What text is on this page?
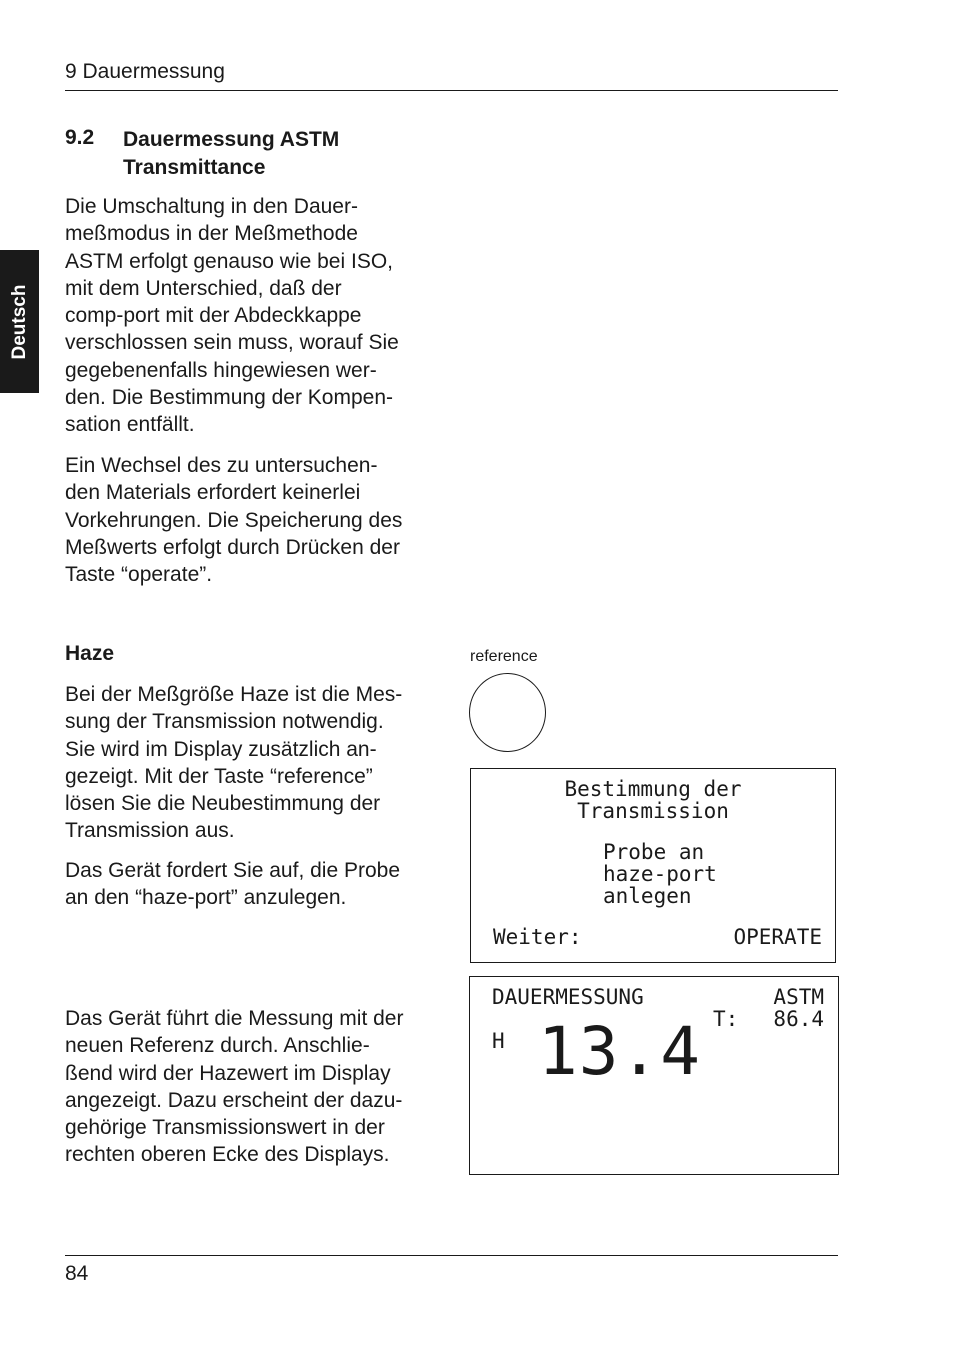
9 Dauermessung
Deutsch
9.2 Dauermessung ASTM
Transmittance
Die Umschaltung in den Dauer-
meßmodus in der Meßmethode
ASTM erfolgt genauso wie bei ISO,
mit dem Unterschied, daß der
comp-port mit der Abdeckkappe
verschlossen sein muss, worauf Sie
gegebenenfalls hingewiesen wer-
den. Die Bestimmung der Kompen-
sation entfällt.
Ein Wechsel des zu untersuchen-
den Materials erfordert keinerlei
Vorkehrungen. Die Speicherung des
Meßwerts erfolgt durch Drücken der
Taste “operate”.
Haze
Bei der Meßgröße Haze ist die Mes-
sung der Transmission notwendig.
Sie wird im Display zusätzlich an-
gezeigt. Mit der Taste “reference”
lösen Sie die Neubestimmung der
Transmission aus.
Das Gerät fordert Sie auf, die Probe
an den “haze-port” anzulegen.
Das Gerät führt die Messung mit der
neuen Referenz durch. Anschlie-
ßend wird der Hazewert im Display
angezeigt. Dazu erscheint der dazu-
gehörige Transmissionswert in der
rechten oberen Ecke des Displays.
reference
Bestimmung der
Transmission
Probe an
haze-port
anlegen
Weiter:	OPERATE
DAUERMESSUNG	ASTM
T: 86.4
H 13.4
84
